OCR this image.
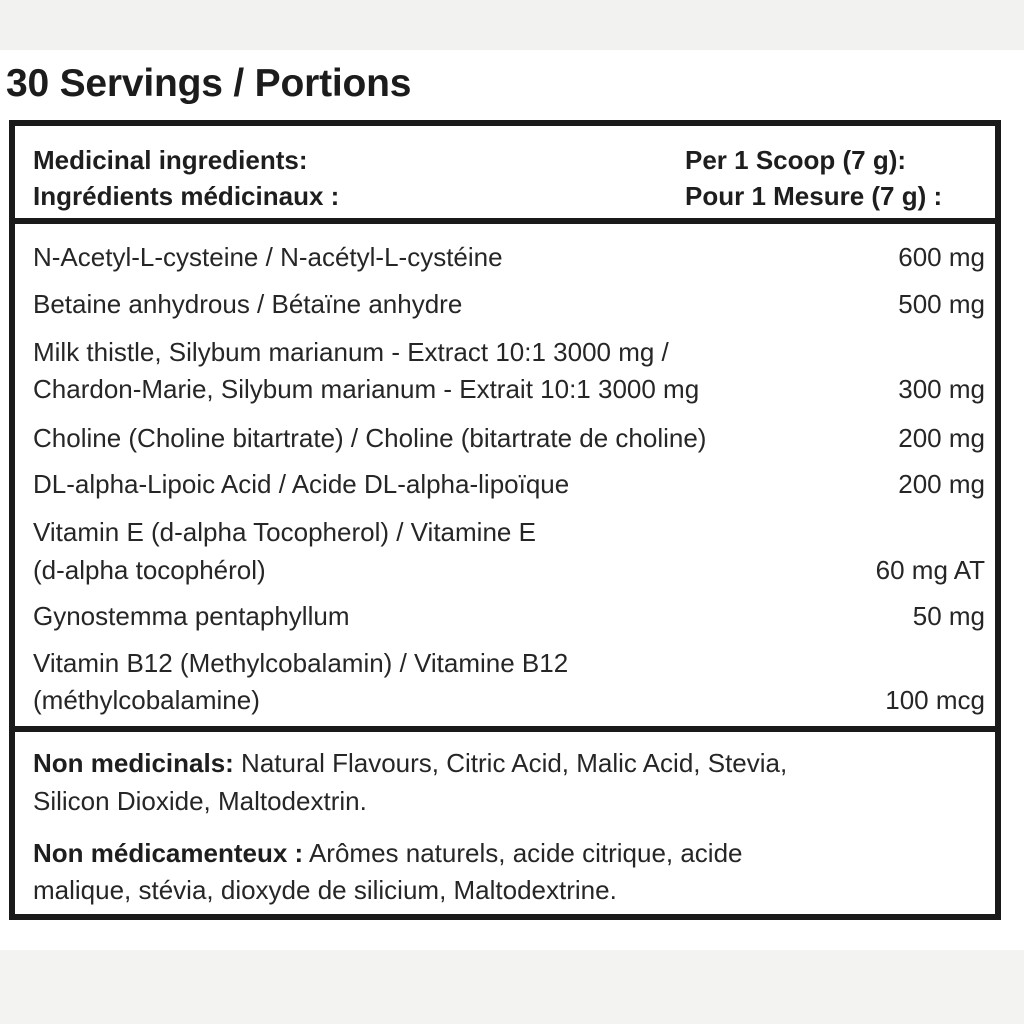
30 Servings / Portions
Medicinal ingredients:	Per 1 Scoop (7 g):
Ingrédients médicinaux :	Pour 1 Mesure (7 g) :
N-Acetyl-L-cysteine / N-acétyl-L-cystéine	600 mg
Betaine anhydrous / Bétaïne anhydre	500 mg
Milk thistle, Silybum marianum - Extract 10:1 3000 mg /
Chardon-Marie, Silybum marianum - Extrait 10:1 3000 mg	300 mg
Choline (Choline bitartrate) / Choline (bitartrate de choline)	200 mg
DL-alpha-Lipoic Acid / Acide DL-alpha-lipoïque	200 mg
Vitamin E (d-alpha Tocopherol) / Vitamine E
(d-alpha tocophérol)	60 mg AT
Gynostemma pentaphyllum	50 mg
Vitamin B12 (Methylcobalamin) / Vitamine B12
(méthylcobalamine)	100 mcg
Non medicinals: Natural Flavours, Citric Acid, Malic Acid, Stevia,
Silicon Dioxide, Maltodextrin.
Non médicamenteux : Arômes naturels, acide citrique, acide
malique, stévia, dioxyde de silicium, Maltodextrine.
